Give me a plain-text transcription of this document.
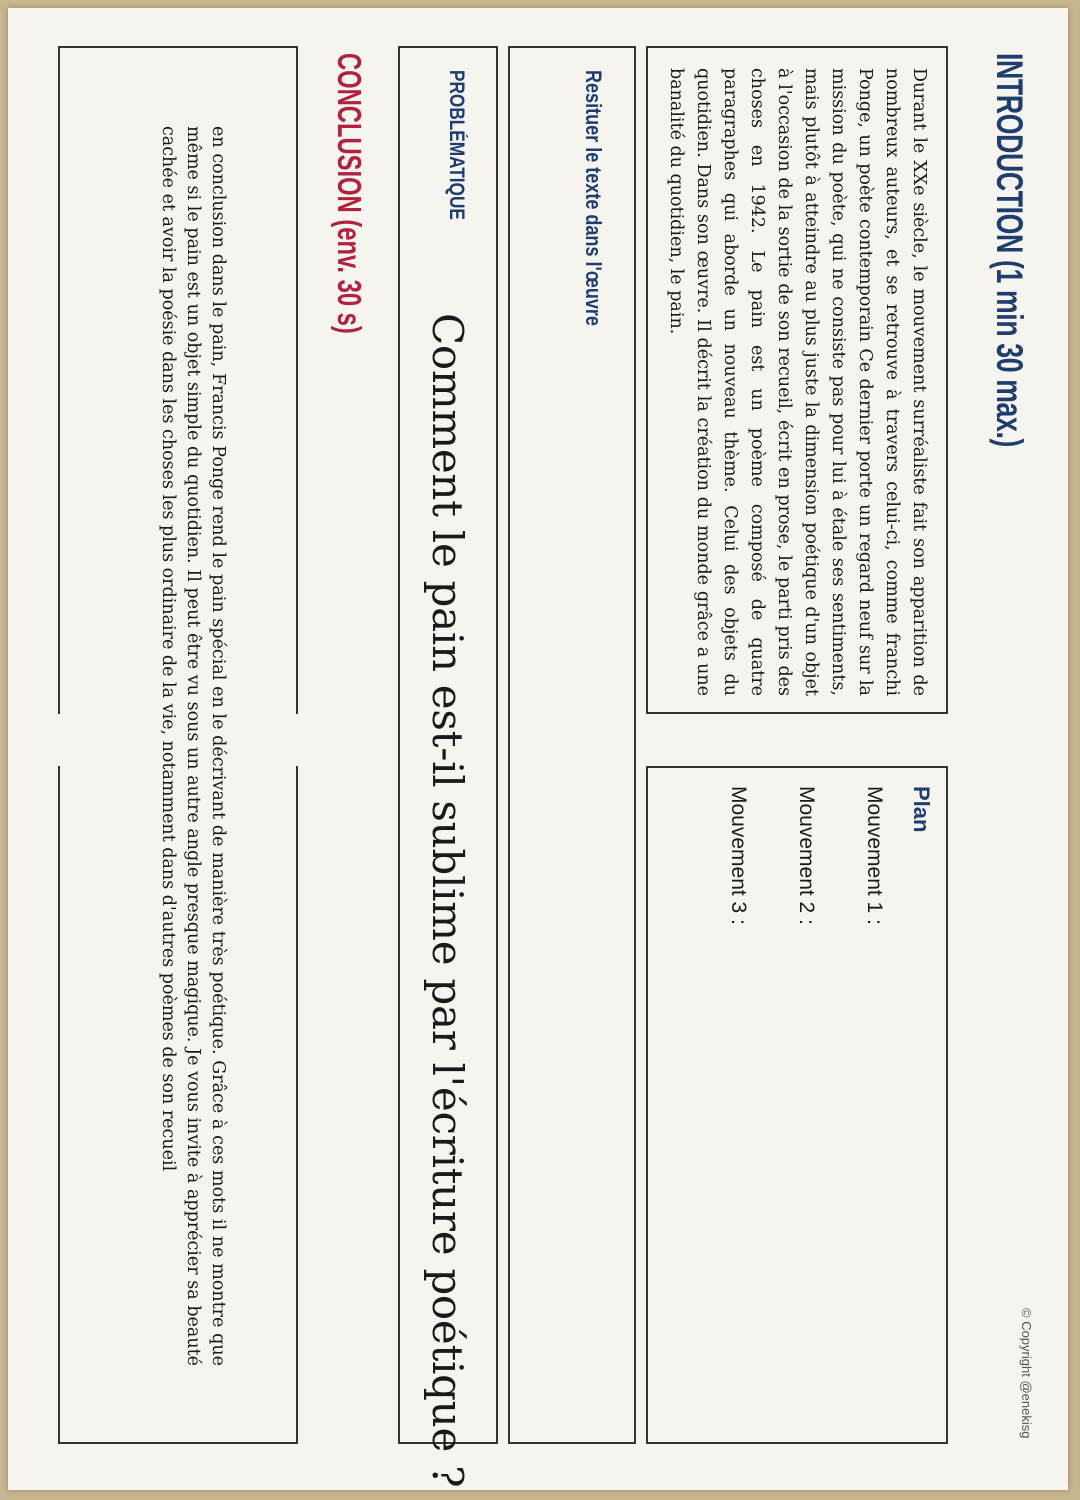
INTRODUCTION (1 min 30 max.)
© Copyright @enekisg

Durant le XXe siècle, le mouvement surréaliste fait son apparition de nombreux auteurs, et se retrouve à travers celui-ci, comme franchi Ponge, un poète contemporain Ce dernier porte un regard neuf sur la mission du poète, qui ne consiste pas pour lui à étale ses sentiments, mais plutôt à atteindre au plus juste la dimension poétique d'un objet à l'occasion de la sortie de son recueil, écrit en prose, le parti pris des choses en 1942. Le pain est un poème composé de quatre paragraphes qui aborde un nouveau thème. Celui des objets du quotidien. Dans son œuvre. Il décrit la création du monde grâce a une banalité du quotidien, le pain.

Plan
Mouvement 1 :
Mouvement 2 :
Mouvement 3 :
Resituer le texte dans l'œuvre
PROBLÉMATIQUE
Comment le pain est-il sublime par l'écriture poétique ?
CONCLUSION (env. 30 s)

en conclusion dans le pain, Francis Ponge rend le pain spécial en le décrivant de manière très poétique. Grâce à ces mots il ne montre que même si le pain est un objet simple du quotidien. Il peut être vu sous un autre angle presque magique. Je vous invite à apprécier sa beauté cachée et avoir la poésie dans les choses les plus ordinaire de la vie, notamment dans d'autres poèmes de son recueil
